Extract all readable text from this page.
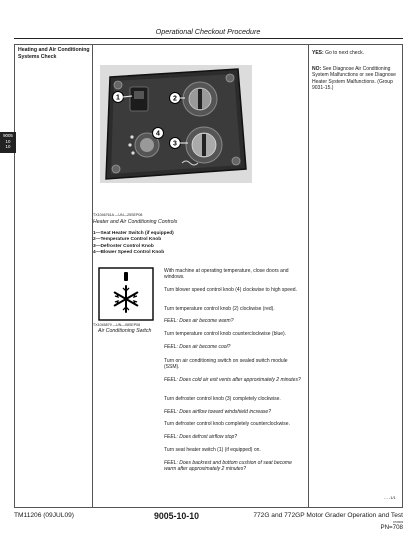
Operational Checkout Procedure
Heating and Air Conditioning Systems Check
YES: Go to next check.
NO: See Diagnose Air Conditioning System Malfunctions or see Diagnose Heater System Malfunctions. (Group 9031-15.)
9005
10
10
1	2
3
4
TX1046761A —UN—25SEP08
Heater and Air Conditioning Controls
1—Seat Heater Switch (if equipped)
2—Temperature Control Knob
3—Defroster Control Knob
4—Blower Speed Control Knob
TX1045879 —UN—08SEP08
Air Conditioning Switch
With machine at operating temperature, close doors and windows.
Turn blower speed control knob (4) clockwise to high speed.
Turn temperature control knob (2) clockwise (red).
FEEL: Does air become warm?
Turn temperature control knob counterclockwise (blue).
FEEL: Does air become cool?
Turn on air conditioning switch on sealed switch module (SSM).
FEEL: Does cold air exit vents after approximately 2 minutes?
Turn defroster control knob (3) completely clockwise.
FEEL: Does airflow toward windshield increase?
Turn defroster control knob completely counterclockwise.
FEEL: Does defrost airflow stop?
Turn seat heater switch (1) (if equipped) on.
FEEL: Does backrest and bottom cushion of seat become warm after approximately 2 minutes?
- - -1/1
TM11206 (09JUL09)	9005-10-10	772G and 772GP Motor Grader Operation and Test
070909
PN=708
